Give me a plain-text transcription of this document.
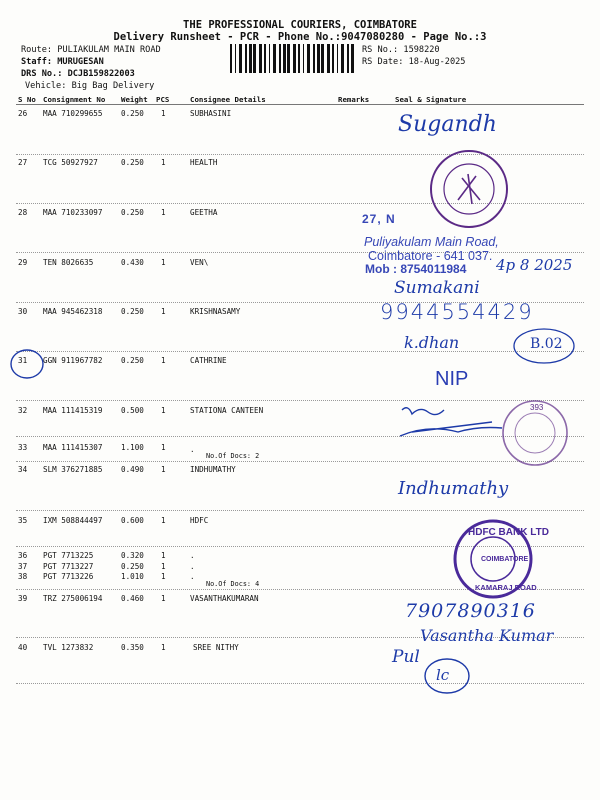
THE PROFESSIONAL COURIERS, COIMBATORE
Delivery Runsheet - PCR - Phone No.:9047080280 - Page No.:3
Route: PULIAKULAM MAIN ROAD
Staff: MURUGESAN
DRS No.: DCJB159822003
Vehicle: Big Bag Delivery
RS No.: 1598220
RS Date: 18-Aug-2025
S No Consignment No Weight PCS	Consignee Details	Remarks	Seal & Signature
26 MAA 710299655 0.250 1	SUBHASINI
27 TCG 50927927	0.250 1	HEALTH
28 MAA 710233097 0.250 1	GEETHA
29 TEN 8026635	0.430 1	VEN\
30 MAA 945462318 0.250 1	KRISHNASAMY
31 GGN 911967782 0.250 1	CATHRINE
32 MAA 111415319 0.500 1	STATIONA CANTEEN
33 MAA 111415307 1.100 1	.
No.Of Docs: 2
34 SLM 376271885 0.490 1	INDHUMATHY
35 IXM 508844497 0.600 1	HDFC
36 PGT 7713225	0.320 1	.
37 PGT 7713227	0.250 1	.
38 PGT 7713226	1.010 1	.
No.Of Docs: 4
39 TRZ 275006194 0.460 1	VASANTHAKUMARAN
40 TVL 1273832	0.350 1	SREE NITHY
Sugandh
27, N
Puliyakulam Main Road,
Coimbatore - 641 037.
Mob : 8754011984 4p 8 2025
Sumakani
9944554429
k.dhan	B.02
NIP
393
Indhumathy
HDFC BANK LTD
COIMBATORE
KAMARAJ ROAD
7907890316
Vasantha Kumar
Pul
lc
